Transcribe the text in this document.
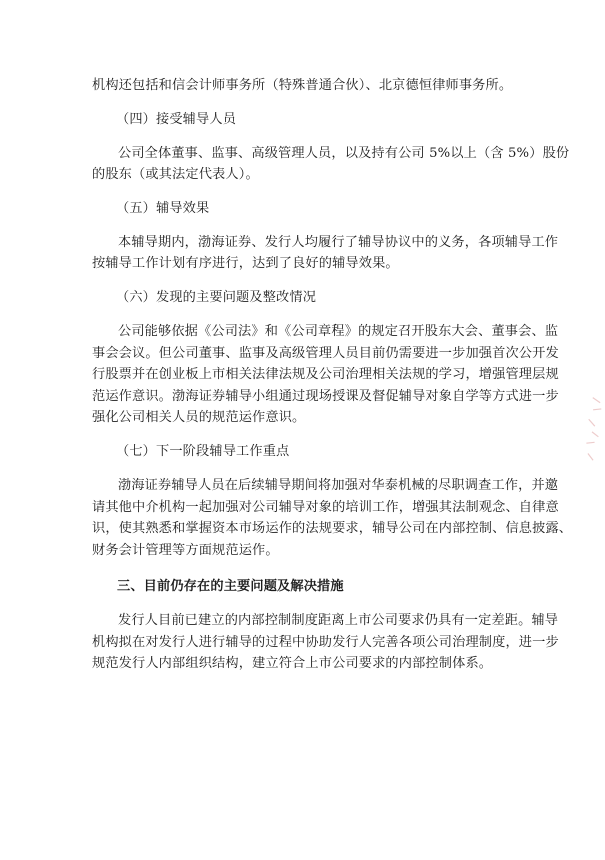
机构还包括和信会计师事务所（特殊普通合伙）、北京德恒律师事务所。
（四）接受辅导人员
公司全体董事、监事、高级管理人员，以及持有公司 5%以上（含 5%）股份
的股东（或其法定代表人）。
（五）辅导效果
本辅导期内，渤海证券、发行人均履行了辅导协议中的义务，各项辅导工作
按辅导工作计划有序进行，达到了良好的辅导效果。
（六）发现的主要问题及整改情况
公司能够依据《公司法》和《公司章程》的规定召开股东大会、董事会、监
事会会议。但公司董事、监事及高级管理人员目前仍需要进一步加强首次公开发
行股票并在创业板上市相关法律法规及公司治理相关法规的学习，增强管理层规
范运作意识。渤海证券辅导小组通过现场授课及督促辅导对象自学等方式进一步
强化公司相关人员的规范运作意识。
（七）下一阶段辅导工作重点
渤海证券辅导人员在后续辅导期间将加强对华泰机械的尽职调查工作，并邀
请其他中介机构一起加强对公司辅导对象的培训工作，增强其法制观念、自律意
识，使其熟悉和掌握资本市场运作的法规要求，辅导公司在内部控制、信息披露、
财务会计管理等方面规范运作。
三、目前仍存在的主要问题及解决措施
发行人目前已建立的内部控制制度距离上市公司要求仍具有一定差距。辅导
机构拟在对发行人进行辅导的过程中协助发行人完善各项公司治理制度，进一步
规范发行人内部组织结构，建立符合上市公司要求的内部控制体系。
